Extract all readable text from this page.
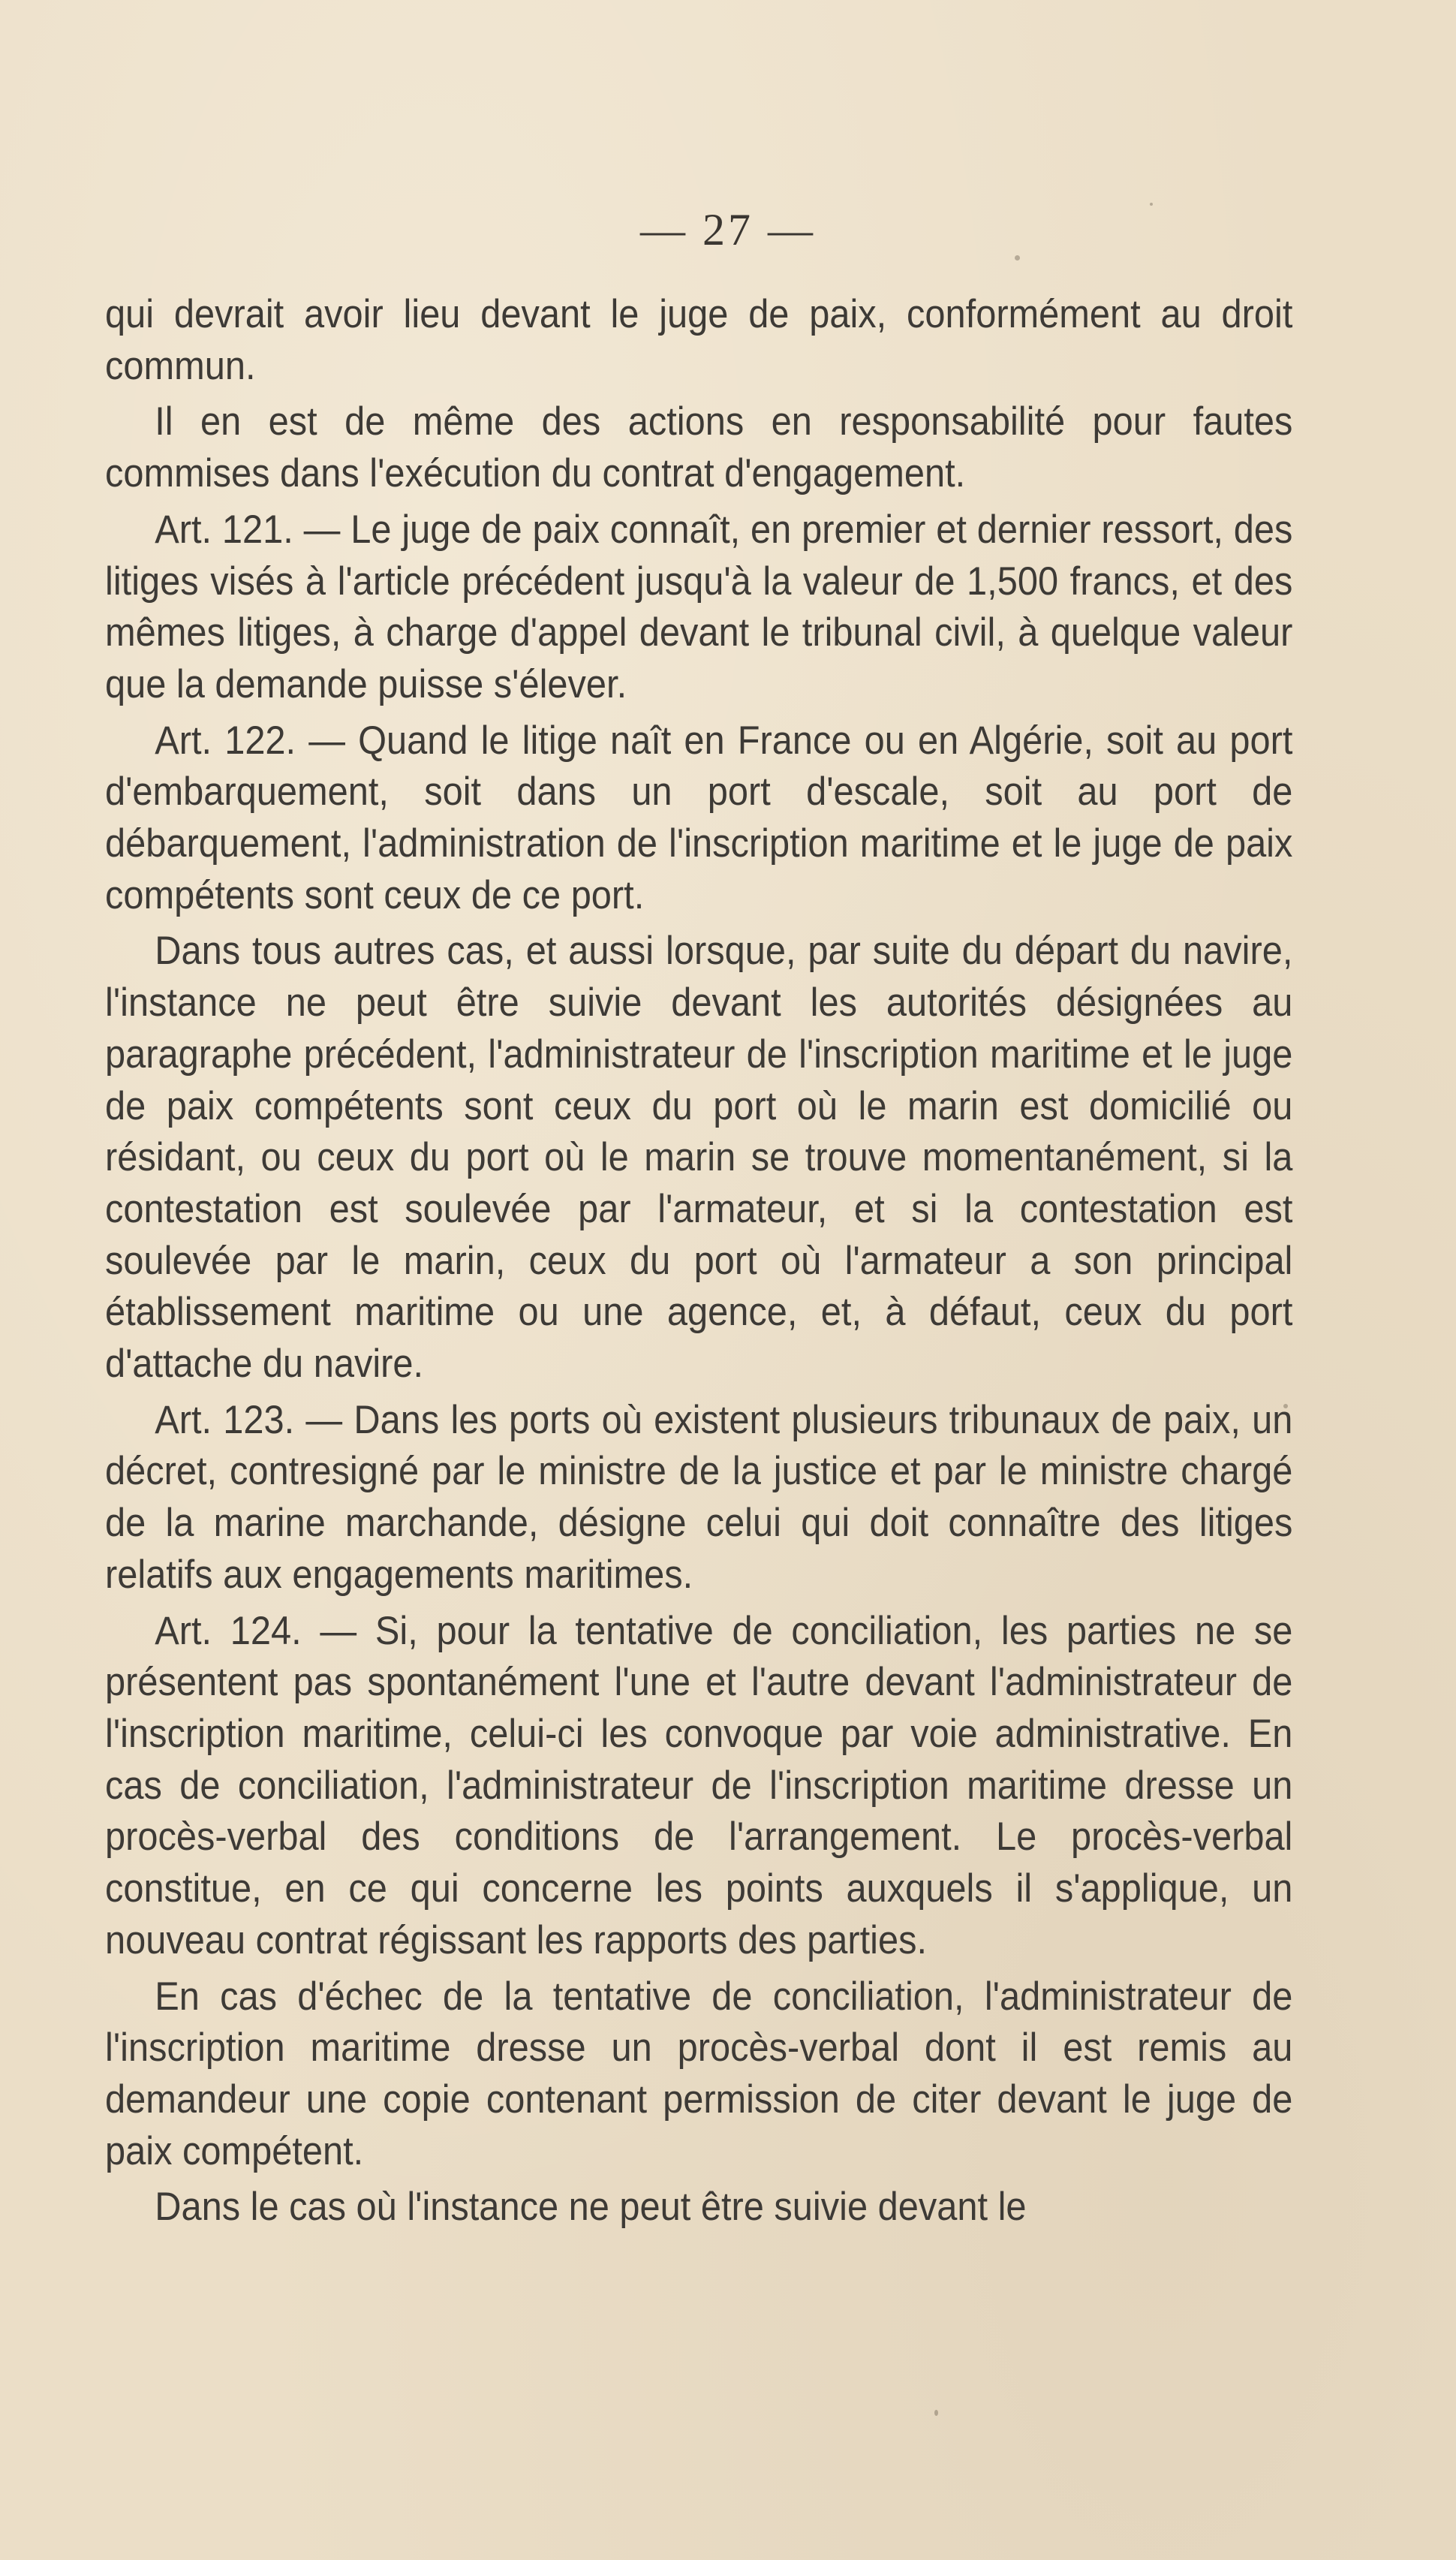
— 27 —

qui devrait avoir lieu devant le juge de paix, conformément au droit commun.

Il en est de même des actions en responsabilité pour fautes commises dans l'exécution du contrat d'engagement.

Art. 121. — Le juge de paix connaît, en premier et dernier ressort, des litiges visés à l'article précédent jusqu'à la valeur de 1,500 francs, et des mêmes litiges, à charge d'appel devant le tribunal civil, à quelque valeur que la demande puisse s'élever.

Art. 122. — Quand le litige naît en France ou en Algérie, soit au port d'embarquement, soit dans un port d'escale, soit au port de débarquement, l'administration de l'inscription maritime et le juge de paix compétents sont ceux de ce port.

Dans tous autres cas, et aussi lorsque, par suite du départ du navire, l'instance ne peut être suivie devant les autorités désignées au paragraphe précédent, l'administrateur de l'inscription maritime et le juge de paix compétents sont ceux du port où le marin est domicilié ou résidant, ou ceux du port où le marin se trouve momentanément, si la contestation est soulevée par l'armateur, et si la contestation est soulevée par le marin, ceux du port où l'armateur a son principal établissement maritime ou une agence, et, à défaut, ceux du port d'attache du navire.

Art. 123. — Dans les ports où existent plusieurs tribunaux de paix, un décret, contresigné par le ministre de la justice et par le ministre chargé de la marine marchande, désigne celui qui doit connaître des litiges relatifs aux engagements maritimes.

Art. 124. — Si, pour la tentative de conciliation, les parties ne se présentent pas spontanément l'une et l'autre devant l'administrateur de l'inscription maritime, celui-ci les convoque par voie administrative. En cas de conciliation, l'administrateur de l'inscription maritime dresse un procès-verbal des conditions de l'arrangement. Le procès-verbal constitue, en ce qui concerne les points auxquels il s'applique, un nouveau contrat régissant les rapports des parties.

En cas d'échec de la tentative de conciliation, l'administrateur de l'inscription maritime dresse un procès-verbal dont il est remis au demandeur une copie contenant permission de citer devant le juge de paix compétent.

Dans le cas où l'instance ne peut être suivie devant le
